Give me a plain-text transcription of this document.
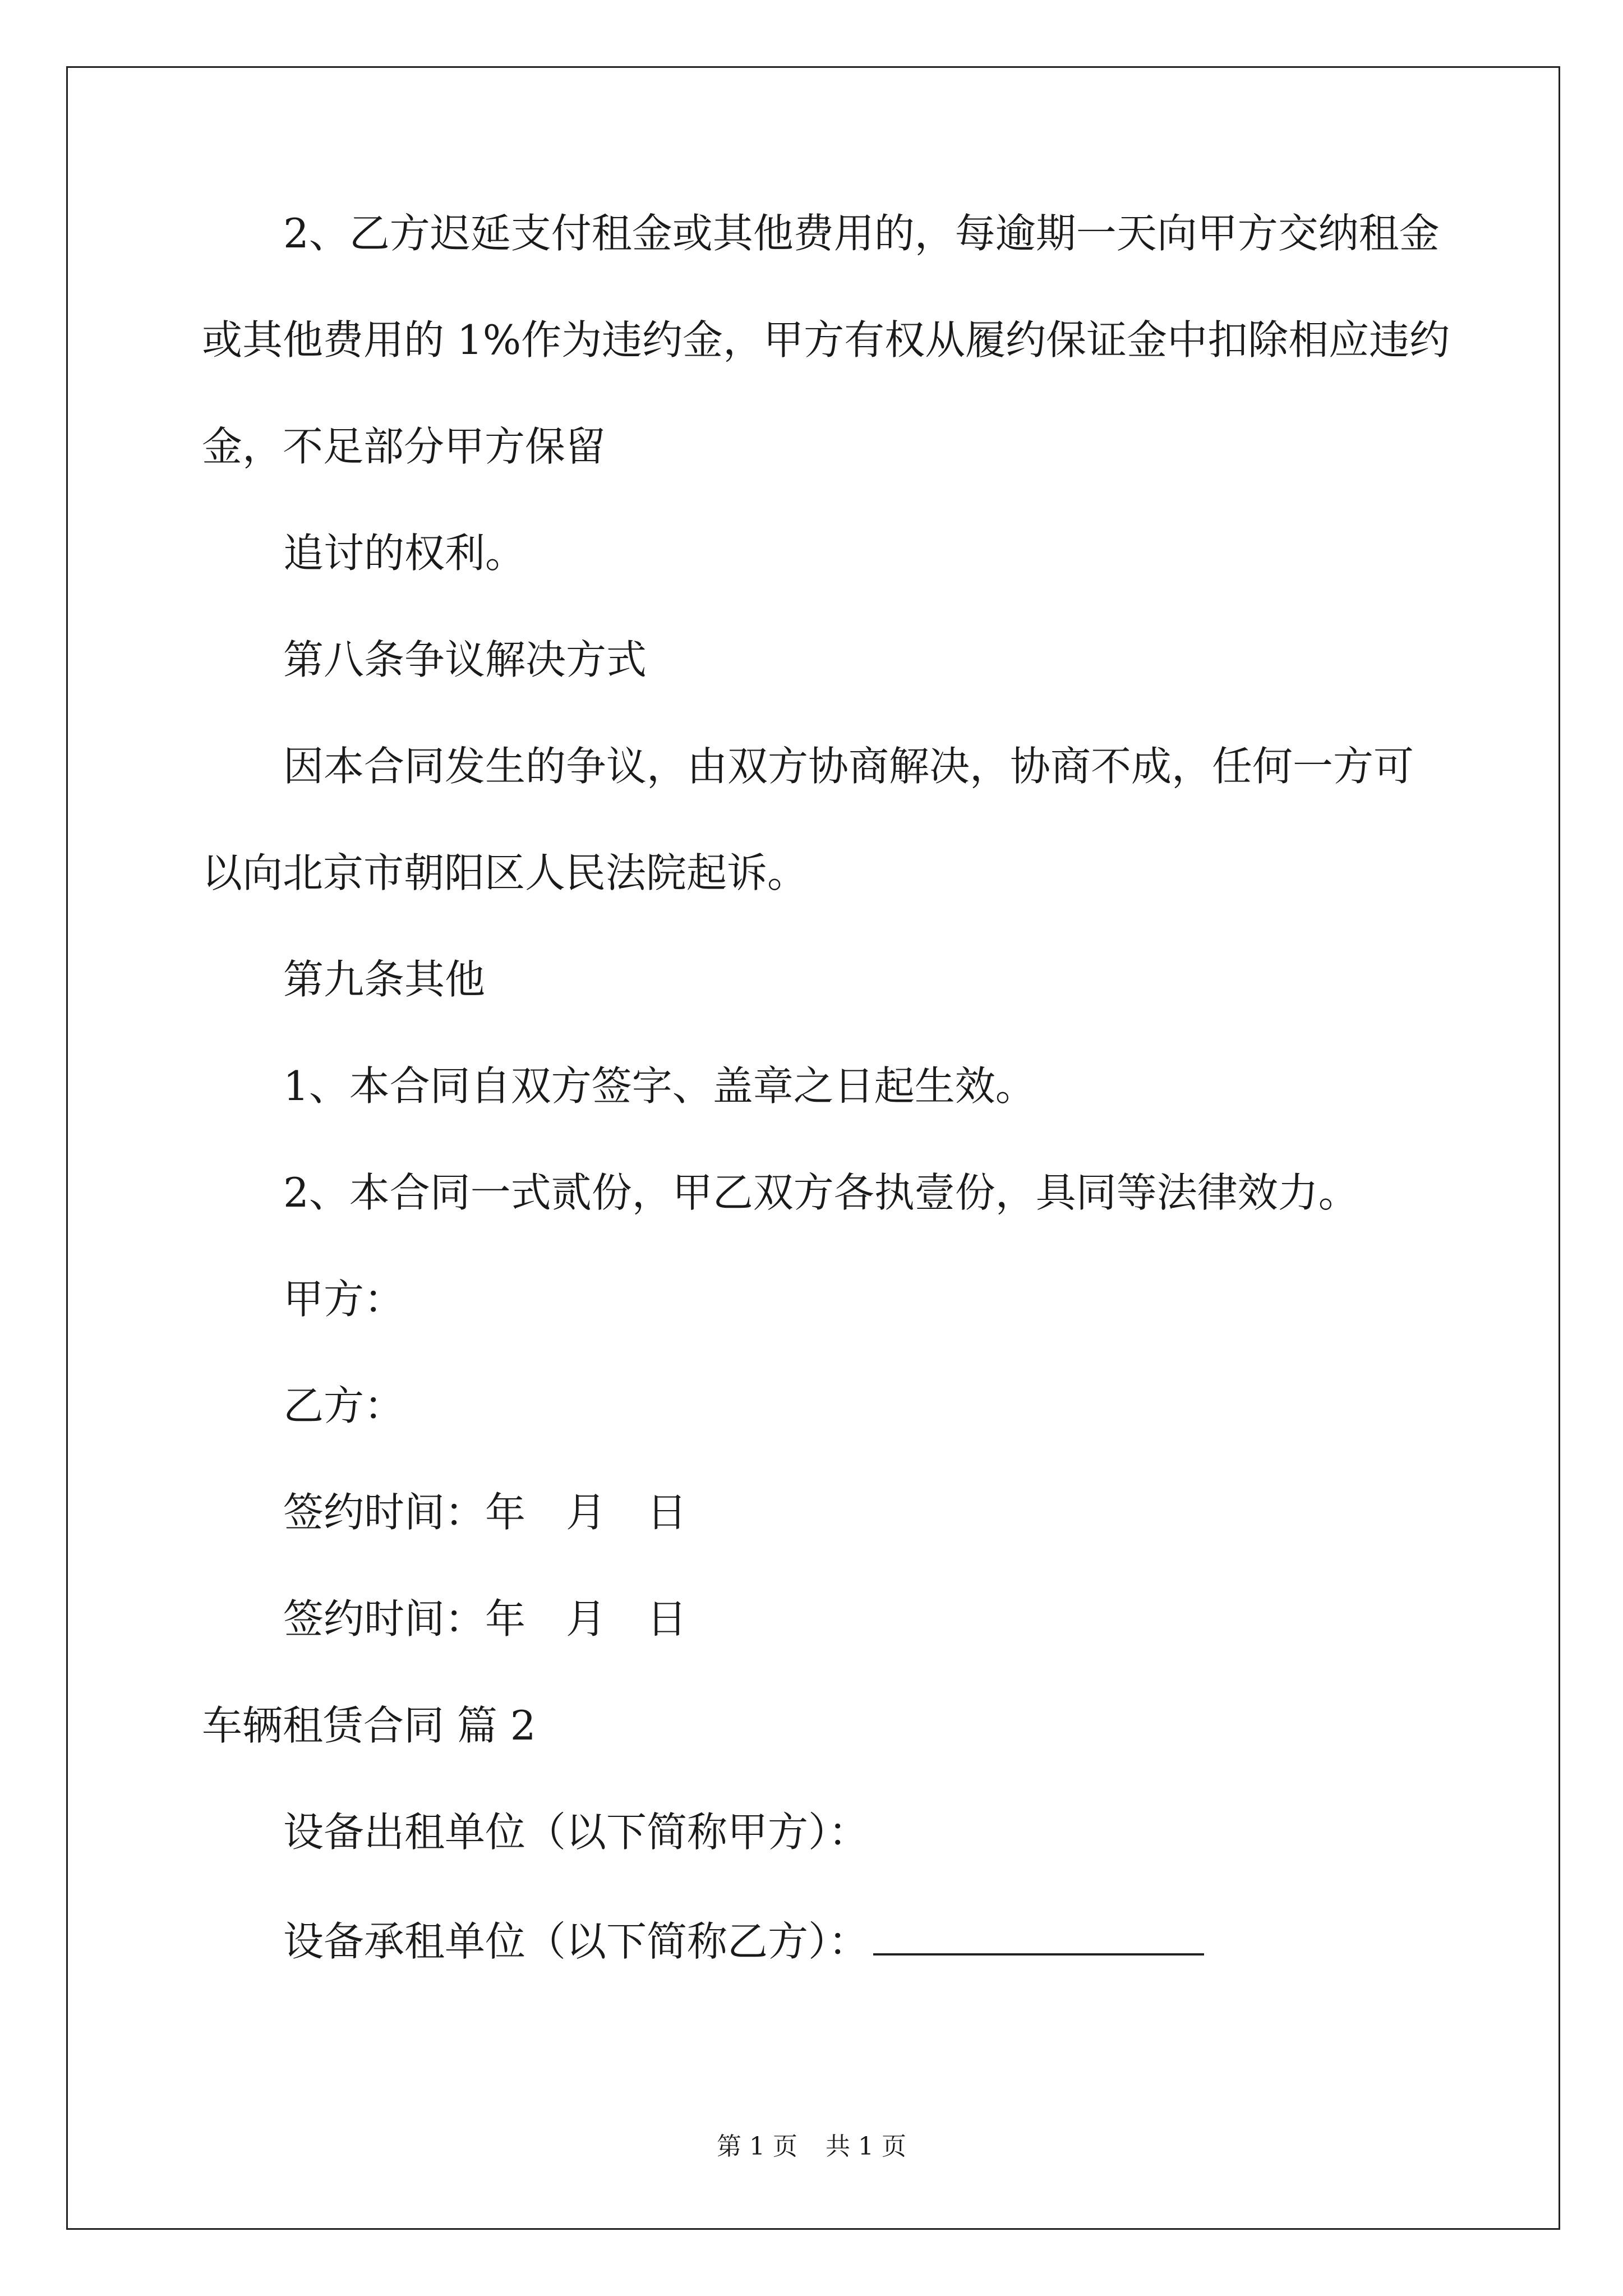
2、乙方迟延支付租金或其他费用的，每逾期一天向甲方交纳租金

或其他费用的 1%作为违约金，甲方有权从履约保证金中扣除相应违约

金，不足部分甲方保留

追讨的权利。

第八条争议解决方式

因本合同发生的争议，由双方协商解决，协商不成，任何一方可

以向北京市朝阳区人民法院起诉。

第九条其他

1、本合同自双方签字、盖章之日起生效。

2、本合同一式贰份，甲乙双方各执壹份，具同等法律效力。

甲方：

乙方：

签约时间：年　月　日

签约时间：年　月　日

车辆租赁合同 篇 2

设备出租单位（以下简称甲方）：

设备承租单位（以下简称乙方）：

第 1 页 共 1 页
